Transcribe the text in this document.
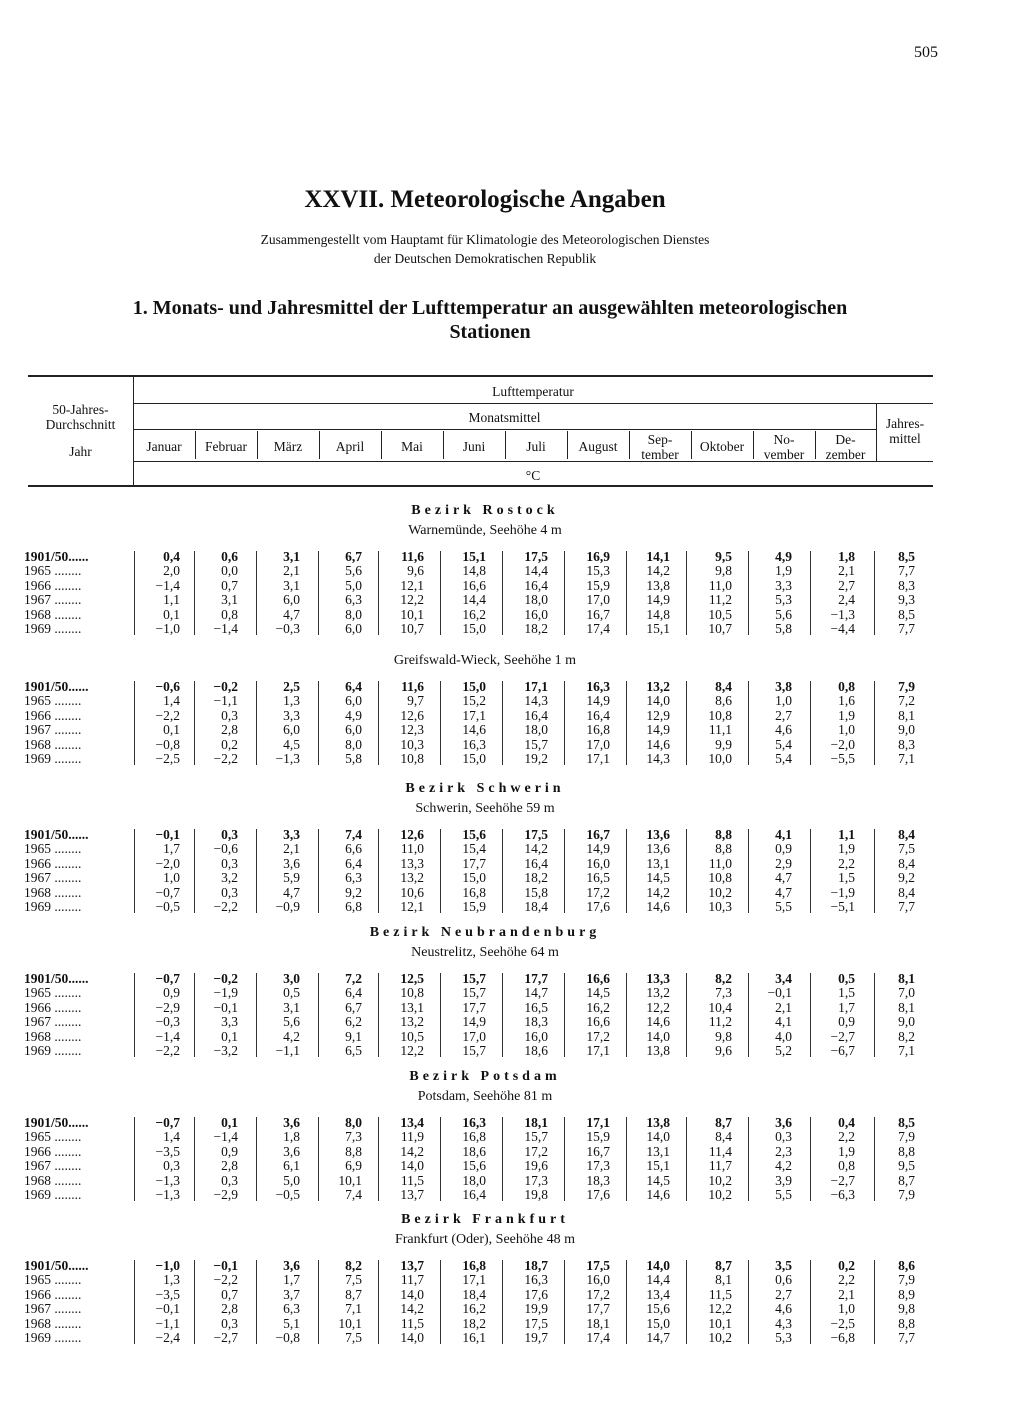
505
XXVII. Meteorologische Angaben
Zusammengestellt vom Hauptamt für Klimatologie des Meteorologischen Dienstes
der Deutschen Demokratischen Republik
1. Monats- und Jahresmittel der Lufttemperatur an ausgewählten meteorologischen
Stationen
50-Jahres-
Durchschnitt
Jahr
Lufttemperatur
Monatsmittel	Jahres-
mittel
°C
Januar	Februar	März	April	Mai	Juni	Juli	August	Sep-
tember
Oktober	No-
vember
De-
zember
Bezirk Rostock
Warnemünde, Seehöhe 4 m
1901/50......	0,4	0,6	3,1	6,7	11,6	15,1	17,5	16,9	14,1	9,5	4,9	1,8	8,5
1965 ........	2,0	0,0	2,1	5,6	9,6	14,8	14,4	15,3	14,2	9,8	1,9	2,1	7,7
1966 ........	−1,4	0,7	3,1	5,0	12,1	16,6	16,4	15,9	13,8	11,0	3,3	2,7	8,3
1967 ........	1,1	3,1	6,0	6,3	12,2	14,4	18,0	17,0	14,9	11,2	5,3	2,4	9,3
1968 ........	0,1	0,8	4,7	8,0	10,1	16,2	16,0	16,7	14,8	10,5	5,6	−1,3	8,5
1969 ........	−1,0	−1,4	−0,3	6,0	10,7	15,0	18,2	17,4	15,1	10,7	5,8	−4,4	7,7
Greifswald-Wieck, Seehöhe 1 m
1901/50......	−0,6	−0,2	2,5	6,4	11,6	15,0	17,1	16,3	13,2	8,4	3,8	0,8	7,9
1965 ........	1,4	−1,1	1,3	6,0	9,7	15,2	14,3	14,9	14,0	8,6	1,0	1,6	7,2
1966 ........	−2,2	0,3	3,3	4,9	12,6	17,1	16,4	16,4	12,9	10,8	2,7	1,9	8,1
1967 ........	0,1	2,8	6,0	6,0	12,3	14,6	18,0	16,8	14,9	11,1	4,6	1,0	9,0
1968 ........	−0,8	0,2	4,5	8,0	10,3	16,3	15,7	17,0	14,6	9,9	5,4	−2,0	8,3
1969 ........	−2,5	−2,2	−1,3	5,8	10,8	15,0	19,2	17,1	14,3	10,0	5,4	−5,5	7,1
Bezirk Schwerin
Schwerin, Seehöhe 59 m
1901/50......	−0,1	0,3	3,3	7,4	12,6	15,6	17,5	16,7	13,6	8,8	4,1	1,1	8,4
1965 ........	1,7	−0,6	2,1	6,6	11,0	15,4	14,2	14,9	13,6	8,8	0,9	1,9	7,5
1966 ........	−2,0	0,3	3,6	6,4	13,3	17,7	16,4	16,0	13,1	11,0	2,9	2,2	8,4
1967 ........	1,0	3,2	5,9	6,3	13,2	15,0	18,2	16,5	14,5	10,8	4,7	1,5	9,2
1968 ........	−0,7	0,3	4,7	9,2	10,6	16,8	15,8	17,2	14,2	10,2	4,7	−1,9	8,4
1969 ........	−0,5	−2,2	−0,9	6,8	12,1	15,9	18,4	17,6	14,6	10,3	5,5	−5,1	7,7
Bezirk Neubrandenburg
Neustrelitz, Seehöhe 64 m
1901/50......	−0,7	−0,2	3,0	7,2	12,5	15,7	17,7	16,6	13,3	8,2	3,4	0,5	8,1
1965 ........	0,9	−1,9	0,5	6,4	10,8	15,7	14,7	14,5	13,2	7,3	−0,1	1,5	7,0
1966 ........	−2,9	−0,1	3,1	6,7	13,1	17,7	16,5	16,2	12,2	10,4	2,1	1,7	8,1
1967 ........	−0,3	3,3	5,6	6,2	13,2	14,9	18,3	16,6	14,6	11,2	4,1	0,9	9,0
1968 ........	−1,4	0,1	4,2	9,1	10,5	17,0	16,0	17,2	14,0	9,8	4,0	−2,7	8,2
1969 ........	−2,2	−3,2	−1,1	6,5	12,2	15,7	18,6	17,1	13,8	9,6	5,2	−6,7	7,1
Bezirk Potsdam
Potsdam, Seehöhe 81 m
1901/50......	−0,7	0,1	3,6	8,0	13,4	16,3	18,1	17,1	13,8	8,7	3,6	0,4	8,5
1965 ........	1,4	−1,4	1,8	7,3	11,9	16,8	15,7	15,9	14,0	8,4	0,3	2,2	7,9
1966 ........	−3,5	0,9	3,6	8,8	14,2	18,6	17,2	16,7	13,1	11,4	2,3	1,9	8,8
1967 ........	0,3	2,8	6,1	6,9	14,0	15,6	19,6	17,3	15,1	11,7	4,2	0,8	9,5
1968 ........	−1,3	0,3	5,0	10,1	11,5	18,0	17,3	18,3	14,5	10,2	3,9	−2,7	8,7
1969 ........	−1,3	−2,9	−0,5	7,4	13,7	16,4	19,8	17,6	14,6	10,2	5,5	−6,3	7,9
Bezirk Frankfurt
Frankfurt (Oder), Seehöhe 48 m
1901/50......	−1,0	−0,1	3,6	8,2	13,7	16,8	18,7	17,5	14,0	8,7	3,5	0,2	8,6
1965 ........	1,3	−2,2	1,7	7,5	11,7	17,1	16,3	16,0	14,4	8,1	0,6	2,2	7,9
1966 ........	−3,5	0,7	3,7	8,7	14,0	18,4	17,6	17,2	13,4	11,5	2,7	2,1	8,9
1967 ........	−0,1	2,8	6,3	7,1	14,2	16,2	19,9	17,7	15,6	12,2	4,6	1,0	9,8
1968 ........	−1,1	0,3	5,1	10,1	11,5	18,2	17,5	18,1	15,0	10,1	4,3	−2,5	8,8
1969 ........	−2,4	−2,7	−0,8	7,5	14,0	16,1	19,7	17,4	14,7	10,2	5,3	−6,8	7,7
